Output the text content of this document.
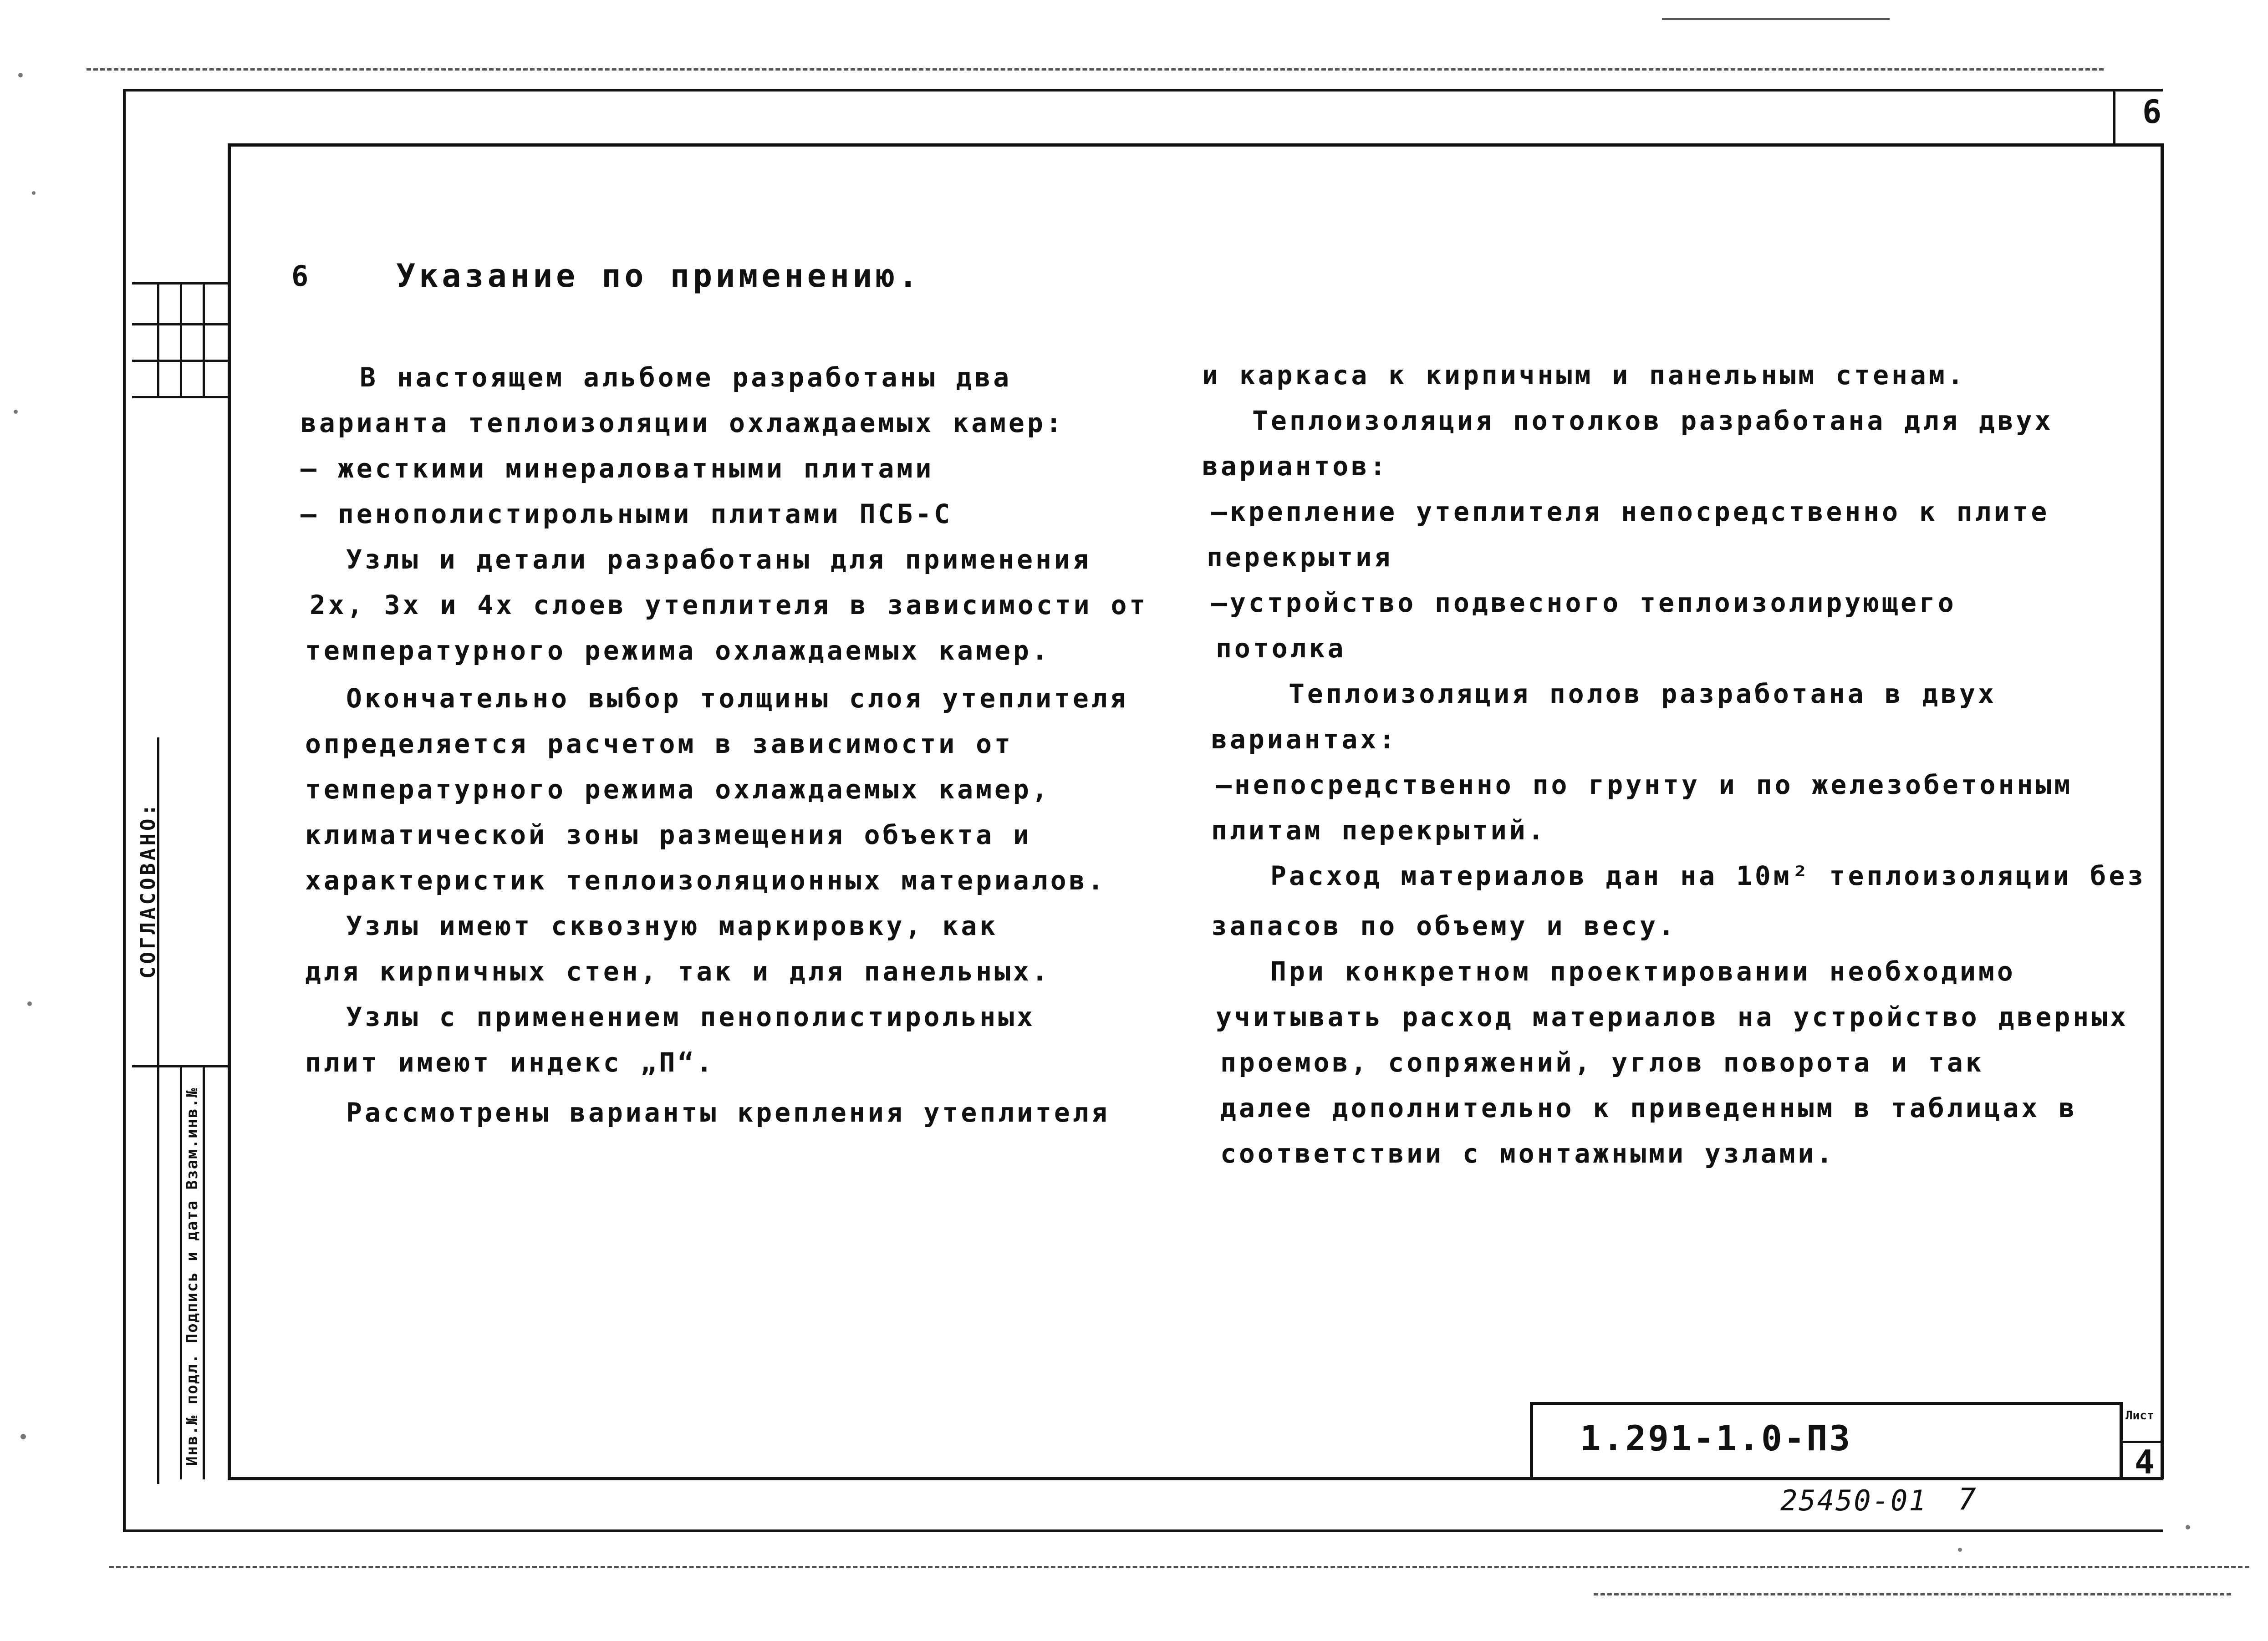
6
СОГЛАСОВАНО:
Инв.№ подл. Подпись и дата Взам.инв.№
6	Указание по применению.
В настоящем альбоме разработаны два
варианта теплоизоляции охлаждаемых камер:
— жесткими минераловатными плитами
— пенополистирольными плитами ПСБ-С
Узлы и детали разработаны для применения
2х, 3х и 4х слоев утеплителя в зависимости от
температурного режима охлаждаемых камер.
Окончательно выбор толщины слоя утеплителя
определяется расчетом в зависимости от
температурного режима охлаждаемых камер,
климатической зоны размещения объекта и
характеристик теплоизоляционных материалов.
Узлы имеют сквозную маркировку, как
для кирпичных стен, так и для панельных.
Узлы с применением пенополистирольных
плит имеют индекс „П“.
Рассмотрены варианты крепления утеплителя
и каркаса к кирпичным и панельным стенам.
Теплоизоляция потолков разработана для двух
вариантов:
—крепление утеплителя непосредственно к плите
перекрытия
—устройство подвесного теплоизолирующего
потолка
Теплоизоляция полов разработана в двух
вариантах:
—непосредственно по грунту и по железобетонным
плитам перекрытий.
Расход материалов дан на 10м² теплоизоляции без
запасов по объему и весу.
При конкретном проектировании необходимо
учитывать расход материалов на устройство дверных
проемов, сопряжений, углов поворота и так
далее дополнительно к приведенным в таблицах в
соответствии с монтажными узлами.
1.291-1.0-ПЗ
Лист
4
25450-01 7
